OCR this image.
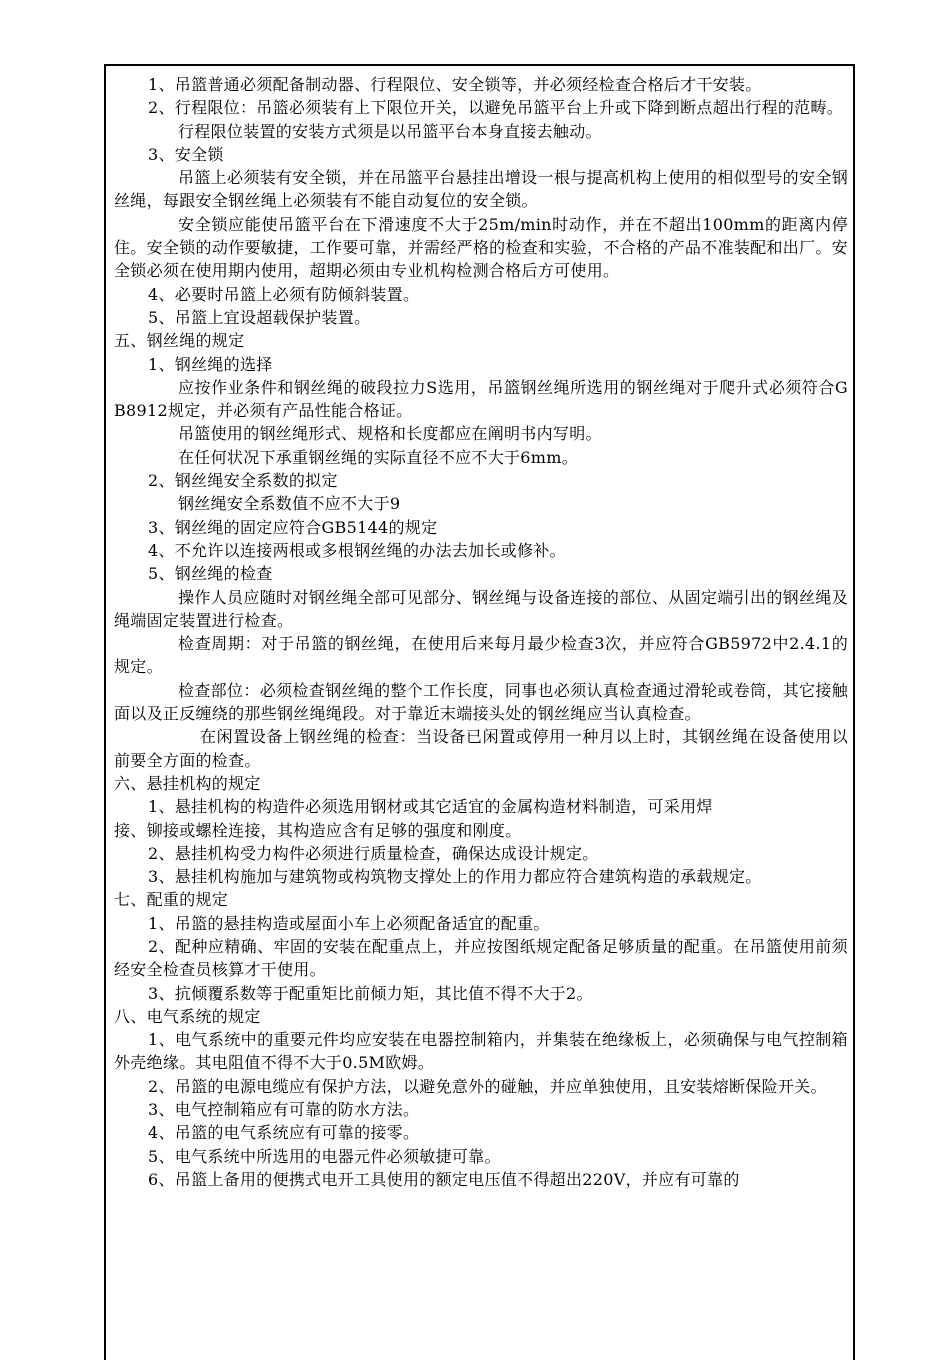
1、吊篮普通必须配备制动器、行程限位、安全锁等，并必须经检查合格后才干安装。

2、行程限位：吊篮必须装有上下限位开关，以避免吊篮平台上升或下降到断点超出行程的范畴。

行程限位装置的安装方式须是以吊篮平台本身直接去触动。

3、安全锁

吊篮上必须装有安全锁，并在吊篮平台悬挂出增设一根与提高机构上使用的相似型号的安全钢丝绳，每跟安全钢丝绳上必须装有不能自动复位的安全锁。

安全锁应能使吊篮平台在下滑速度不大于25m/min时动作，并在不超出100mm的距离内停住。安全锁的动作要敏捷，工作要可靠，并需经严格的检查和实验，不合格的产品不准装配和出厂。安全锁必须在使用期内使用，超期必须由专业机构检测合格后方可使用。

4、必要时吊篮上必须有防倾斜装置。

5、吊篮上宜设超载保护装置。

五、钢丝绳的规定

1、钢丝绳的选择

应按作业条件和钢丝绳的破段拉力S选用，吊篮钢丝绳所选用的钢丝绳对于爬升式必须符合GB8912规定，并必须有产品性能合格证。

吊篮使用的钢丝绳形式、规格和长度都应在阐明书内写明。

在任何状况下承重钢丝绳的实际直径不应不大于6mm。

2、钢丝绳安全系数的拟定

钢丝绳安全系数值不应不大于9

3、钢丝绳的固定应符合GB5144的规定

4、不允许以连接两根或多根钢丝绳的办法去加长或修补。

5、钢丝绳的检查

操作人员应随时对钢丝绳全部可见部分、钢丝绳与设备连接的部位、从固定端引出的钢丝绳及绳端固定装置进行检查。

检查周期：对于吊篮的钢丝绳，在使用后来每月最少检查3次，并应符合GB5972中2.4.1的规定。

检查部位：必须检查钢丝绳的整个工作长度，同事也必须认真检查通过滑轮或卷筒，其它接触面以及正反缠绕的那些钢丝绳绳段。对于靠近末端接头处的钢丝绳应当认真检查。

在闲置设备上钢丝绳的检查：当设备已闲置或停用一种月以上时，其钢丝绳在设备使用以前要全方面的检查。

六、悬挂机构的规定

1、悬挂机构的构造件必须选用钢材或其它适宜的金属构造材料制造，可采用焊
接、铆接或螺栓连接，其构造应含有足够的强度和刚度。

2、悬挂机构受力构件必须进行质量检查，确保达成设计规定。

3、悬挂机构施加与建筑物或构筑物支撑处上的作用力都应符合建筑构造的承载规定。

七、配重的规定

1、吊篮的悬挂构造或屋面小车上必须配备适宜的配重。

2、配种应精确、牢固的安装在配重点上，并应按图纸规定配备足够质量的配重。在吊篮使用前须经安全检查员核算才干使用。

3、抗倾覆系数等于配重矩比前倾力矩，其比值不得不大于2。

八、电气系统的规定

1、电气系统中的重要元件均应安装在电器控制箱内，并集装在绝缘板上，必须确保与电气控制箱外壳绝缘。其电阻值不得不大于0.5M欧姆。

2、吊篮的电源电缆应有保护方法，以避免意外的碰触，并应单独使用，且安装熔断保险开关。

3、电气控制箱应有可靠的防水方法。

4、吊篮的电气系统应有可靠的接零。

5、电气系统中所选用的电器元件必须敏捷可靠。

6、吊篮上备用的便携式电开工具使用的额定电压值不得超出220V，并应有可靠的
